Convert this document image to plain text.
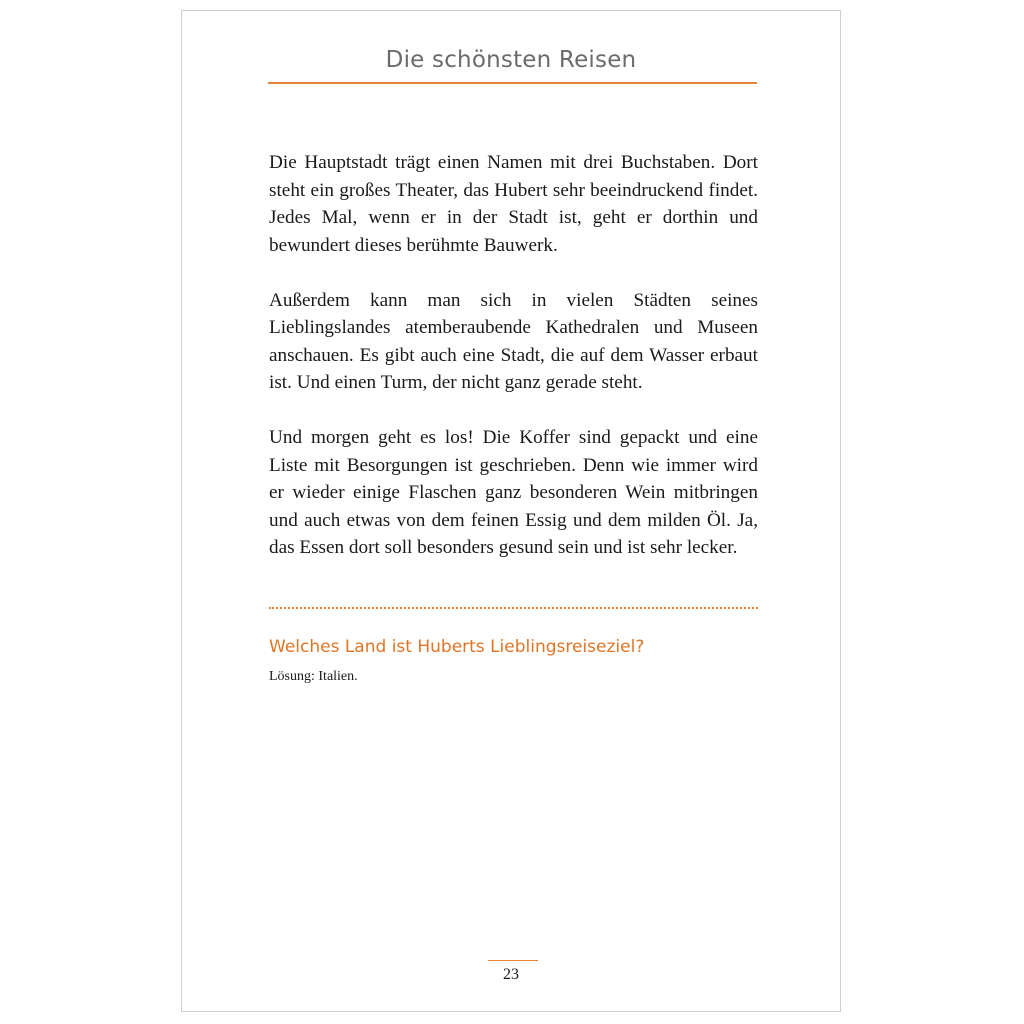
Die schönsten Reisen

Die Hauptstadt trägt einen Namen mit drei Buchstaben. Dort steht ein großes Theater, das Hubert sehr beeindruckend findet. Jedes Mal, wenn er in der Stadt ist, geht er dorthin und bewundert dieses berühmte Bauwerk.

Außerdem kann man sich in vielen Städten seines Lieblingslandes atemberaubende Kathedralen und Museen anschauen. Es gibt auch eine Stadt, die auf dem Wasser erbaut ist. Und einen Turm, der nicht ganz gerade steht.

Und morgen geht es los! Die Koffer sind gepackt und eine Liste mit Besorgungen ist geschrieben. Denn wie immer wird er wieder einige Flaschen ganz besonderen Wein mitbringen und auch etwas von dem feinen Essig und dem milden Öl. Ja, das Essen dort soll besonders gesund sein und ist sehr lecker.

Welches Land ist Huberts Lieblingsreiseziel?

Lösung: Italien.

23
